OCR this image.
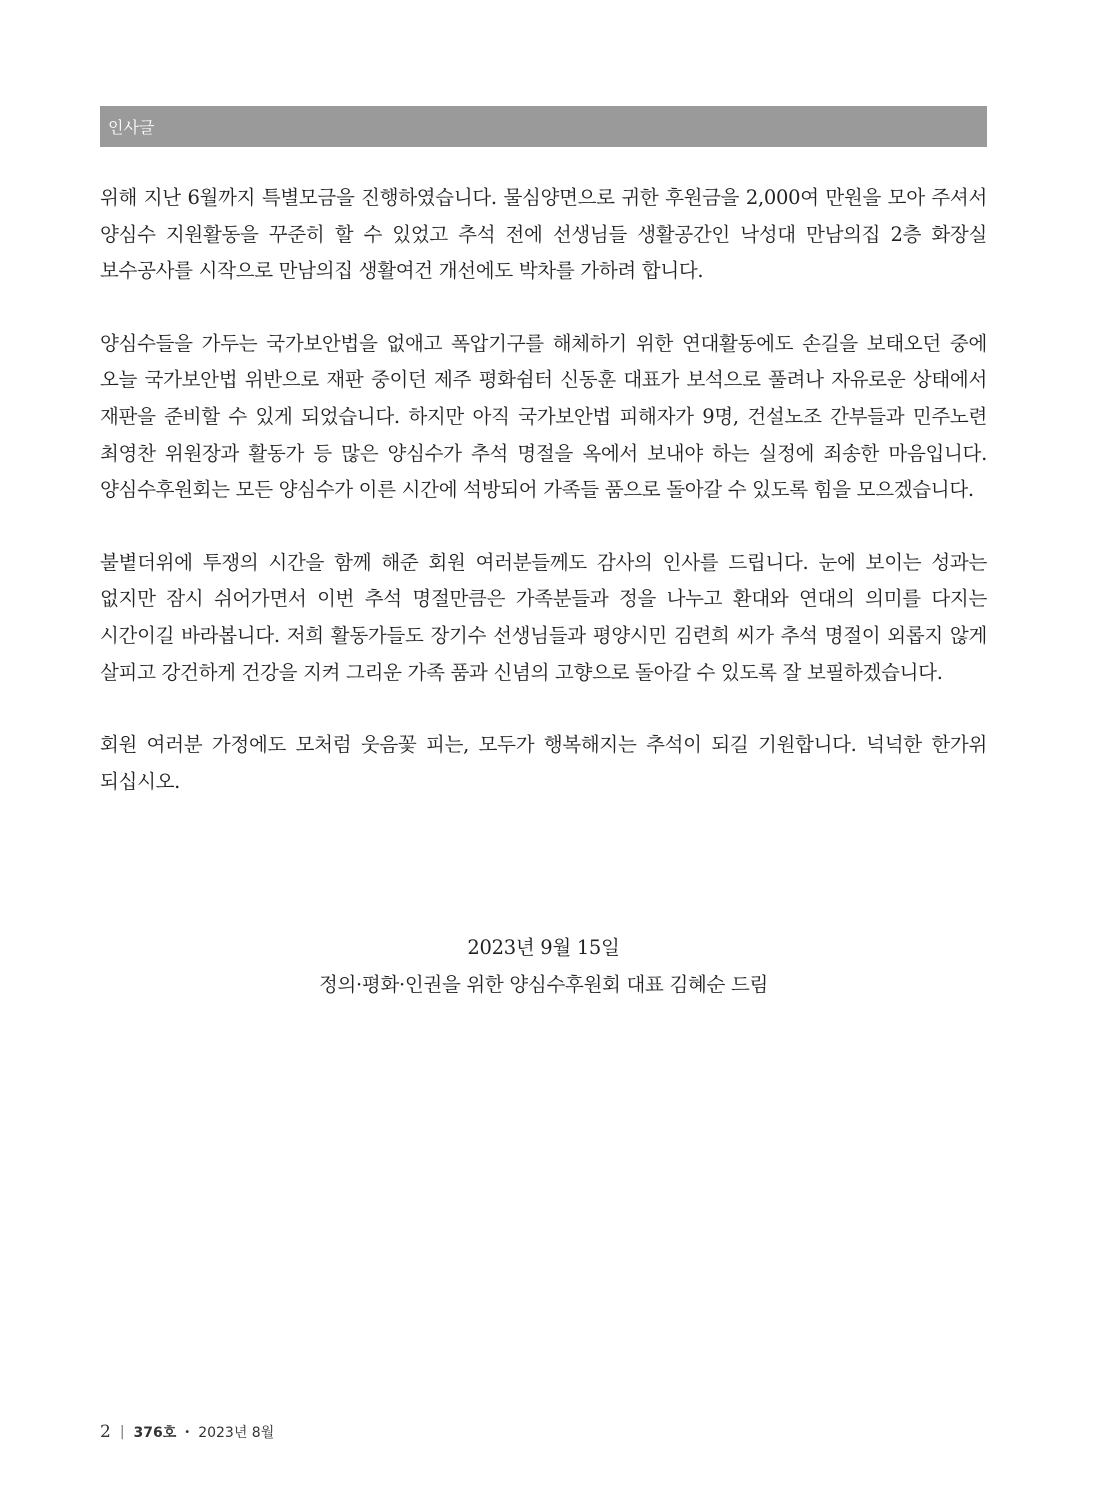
인사글

위해 지난 6월까지 특별모금을 진행하였습니다. 물심양면으로 귀한 후원금을 2,000여 만원을 모아 주셔서 양심수 지원활동을 꾸준히 할 수 있었고 추석 전에 선생님들 생활공간인 낙성대 만남의집 2층 화장실 보수공사를 시작으로 만남의집 생활여건 개선에도 박차를 가하려 합니다.

양심수들을 가두는 국가보안법을 없애고 폭압기구를 해체하기 위한 연대활동에도 손길을 보태오던 중에 오늘 국가보안법 위반으로 재판 중이던 제주 평화쉼터 신동훈 대표가 보석으로 풀려나 자유로운 상태에서 재판을 준비할 수 있게 되었습니다. 하지만 아직 국가보안법 피해자가 9명, 건설노조 간부들과 민주노련 최영찬 위원장과 활동가 등 많은 양심수가 추석 명절을 옥에서 보내야 하는 실정에 죄송한 마음입니다. 양심수후원회는 모든 양심수가 이른 시간에 석방되어 가족들 품으로 돌아갈 수 있도록 힘을 모으겠습니다.

불볕더위에 투쟁의 시간을 함께 해준 회원 여러분들께도 감사의 인사를 드립니다. 눈에 보이는 성과는 없지만 잠시 쉬어가면서 이번 추석 명절만큼은 가족분들과 정을 나누고 환대와 연대의 의미를 다지는 시간이길 바라봅니다. 저희 활동가들도 장기수 선생님들과 평양시민 김련희 씨가 추석 명절이 외롭지 않게 살피고 강건하게 건강을 지켜 그리운 가족 품과 신념의 고향으로 돌아갈 수 있도록 잘 보필하겠습니다.

회원 여러분 가정에도 모처럼 웃음꽃 피는, 모두가 행복해지는 추석이 되길 기원합니다. 넉넉한 한가위 되십시오.

2023년 9월 15일
정의·평화·인권을 위한 양심수후원회 대표 김혜순 드림
2 | 376호 • 2023년 8월
